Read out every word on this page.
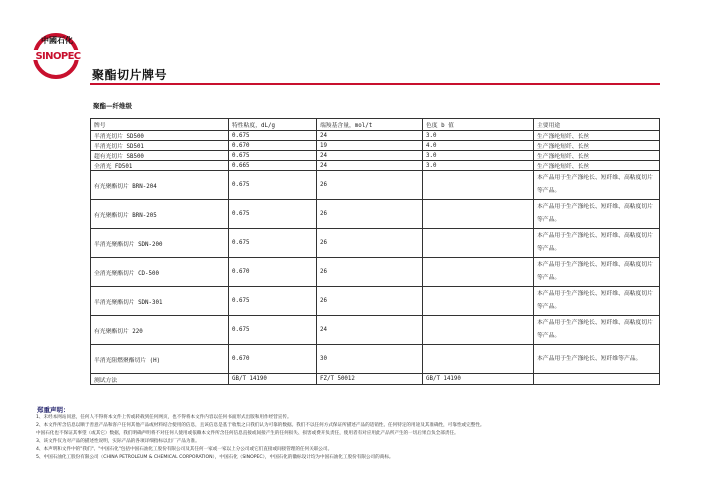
中國石化
SINOPEC
聚酯切片牌号
聚酯—纤维级
牌号	特性粘度，dL/g	端羧基含量，mol/t	色度 b 值	主要用途
半消光切片 SD500	0.675	24	3.0	生产涤纶短纤、长丝
半消光切片 SD501	0.670	19	4.0	生产涤纶短纤、长丝
超有光切片 SB500	0.675	24	3.0	生产涤纶短纤、长丝
全消光 FD501	0.665	24	3.0	生产涤纶短纤、长丝
有光聚酯切片 BRN-204	0.675	26		本产品用于生产涤纶长、短纤维、高粘度切片等产品。
有光聚酯切片 BRN-205	0.675	26		本产品用于生产涤纶长、短纤维、高粘度切片等产品。
半消光聚酯切片 SDN-200	0.675	26		本产品用于生产涤纶长、短纤维、高粘度切片等产品。
全消光聚酯切片 CD-500	0.670	26		本产品用于生产涤纶长、短纤维、高粘度切片等产品。
半消光聚酯切片 SDN-301	0.675	26		本产品用于生产涤纶长、短纤维、高粘度切片等产品。
有光聚酯切片 220	0.675	24		本产品用于生产涤纶长、短纤维、高粘度切片等产品。
半消光阻燃聚酯切片 (H)	0.670	30		本产品用于生产涤纶长、短纤维等产品。
测试方法	GB/T 14190	FZ/T 50012	GB/T 14190	
郑重声明：
1、未经本网站同意，任何人不得将本文件上传或转载到任何网页，也不得将本文件内容以任何书面形式出版和用作经营宣传。
2、本文件所含信息以顺于善意产品和客户任何其他产品或材料结合使用的信息，且该信息是基于收集之日我们认为可靠的数据。我们不以任何方式保证所描述产品的适销性、任何特定的用途及其准确性，可靠性或完整性。
中国石化也不保证其事望（或其它）数据，我们明确声明将不对任何人使用或依赖本文件所含任何信息直接或间接产生的任何损失、损害或费开负责任，使用者有对应用此产品所产生的一切后果自负全部责任。
3、该文件仅为对产品的描述性说明，实际产品的各项详细指标以出厂产品为准。
4、本声明和文件中的"我们"、"中国石化"包括中国石油化工股份有限公司及其任何一家或一家以上分公司或它们直接或间接管理的任何关联公司。
5、中国石油化工股份有限公司（CHINA PETROLEUM & CHEMICAL CORPORATION），中国石化（SINOPEC），中国石化的徽标设计均为中国石油化工股份有限公司的商标。
